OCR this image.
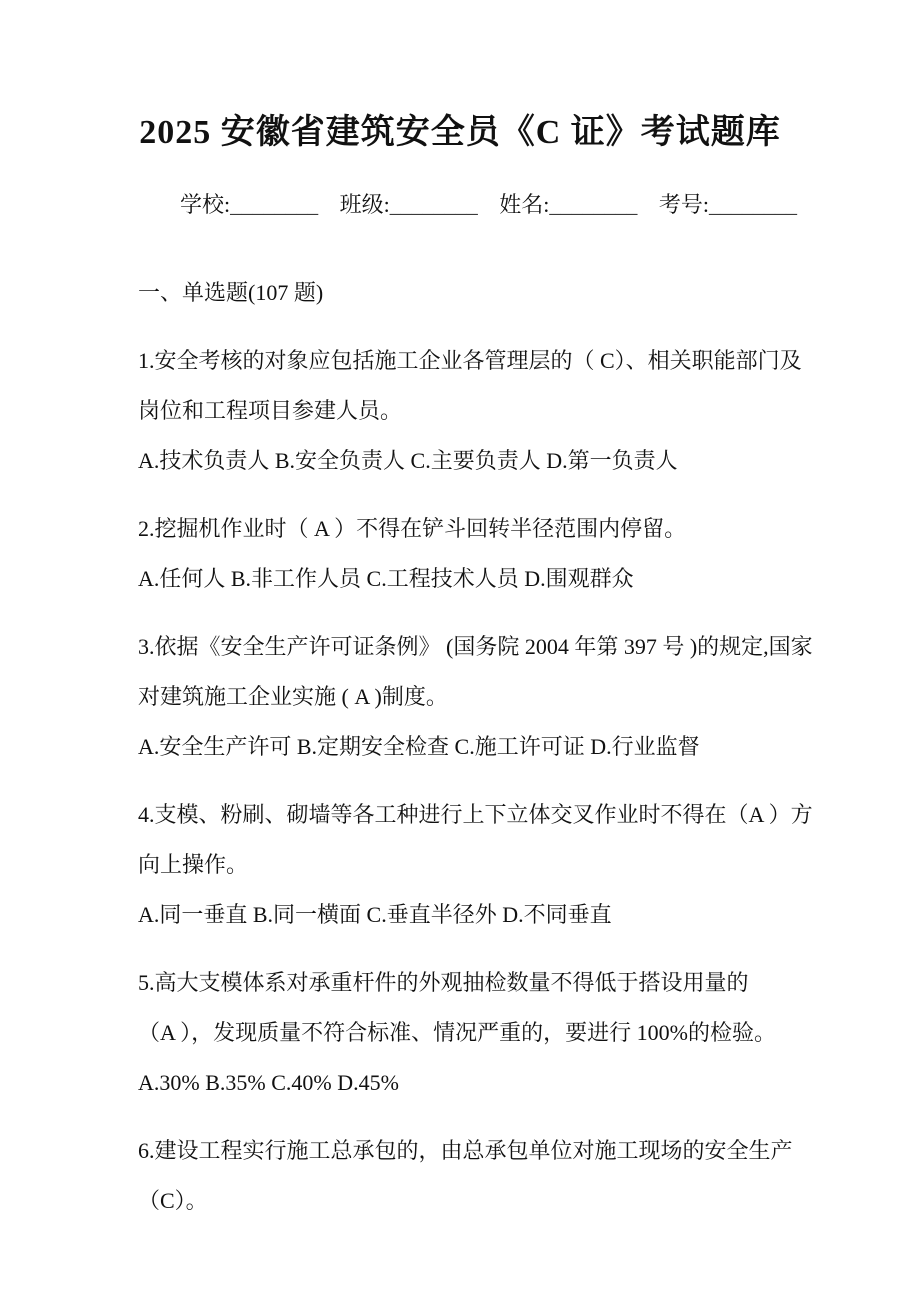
2025 安徽省建筑安全员《C 证》考试题库
学校:________ 班级:________ 姓名:________ 考号:________
一、单选题(107 题)
1.安全考核的对象应包括施工企业各管理层的（ C）、相关职能部门及
岗位和工程项目参建人员。
A.技术负责人 B.安全负责人 C.主要负责人 D.第一负责人
2.挖掘机作业时（ A ）不得在铲斗回转半径范围内停留。
A.任何人 B.非工作人员 C.工程技术人员 D.围观群众
3.依据《安全生产许可证条例》 (国务院 2004 年第 397 号 )的规定,国家
对建筑施工企业实施 ( A )制度。
A.安全生产许可 B.定期安全检查 C.施工许可证 D.行业监督
4.支模、粉刷、砌墙等各工种进行上下立体交叉作业时不得在（A ）方
向上操作。
A.同一垂直 B.同一横面 C.垂直半径外 D.不同垂直
5.高大支模体系对承重杆件的外观抽检数量不得低于搭设用量的
（A ），发现质量不符合标准、情况严重的，要进行 100%的检验。
A.30% B.35% C.40% D.45%
6.建设工程实行施工总承包的，由总承包单位对施工现场的安全生产
（C）。
